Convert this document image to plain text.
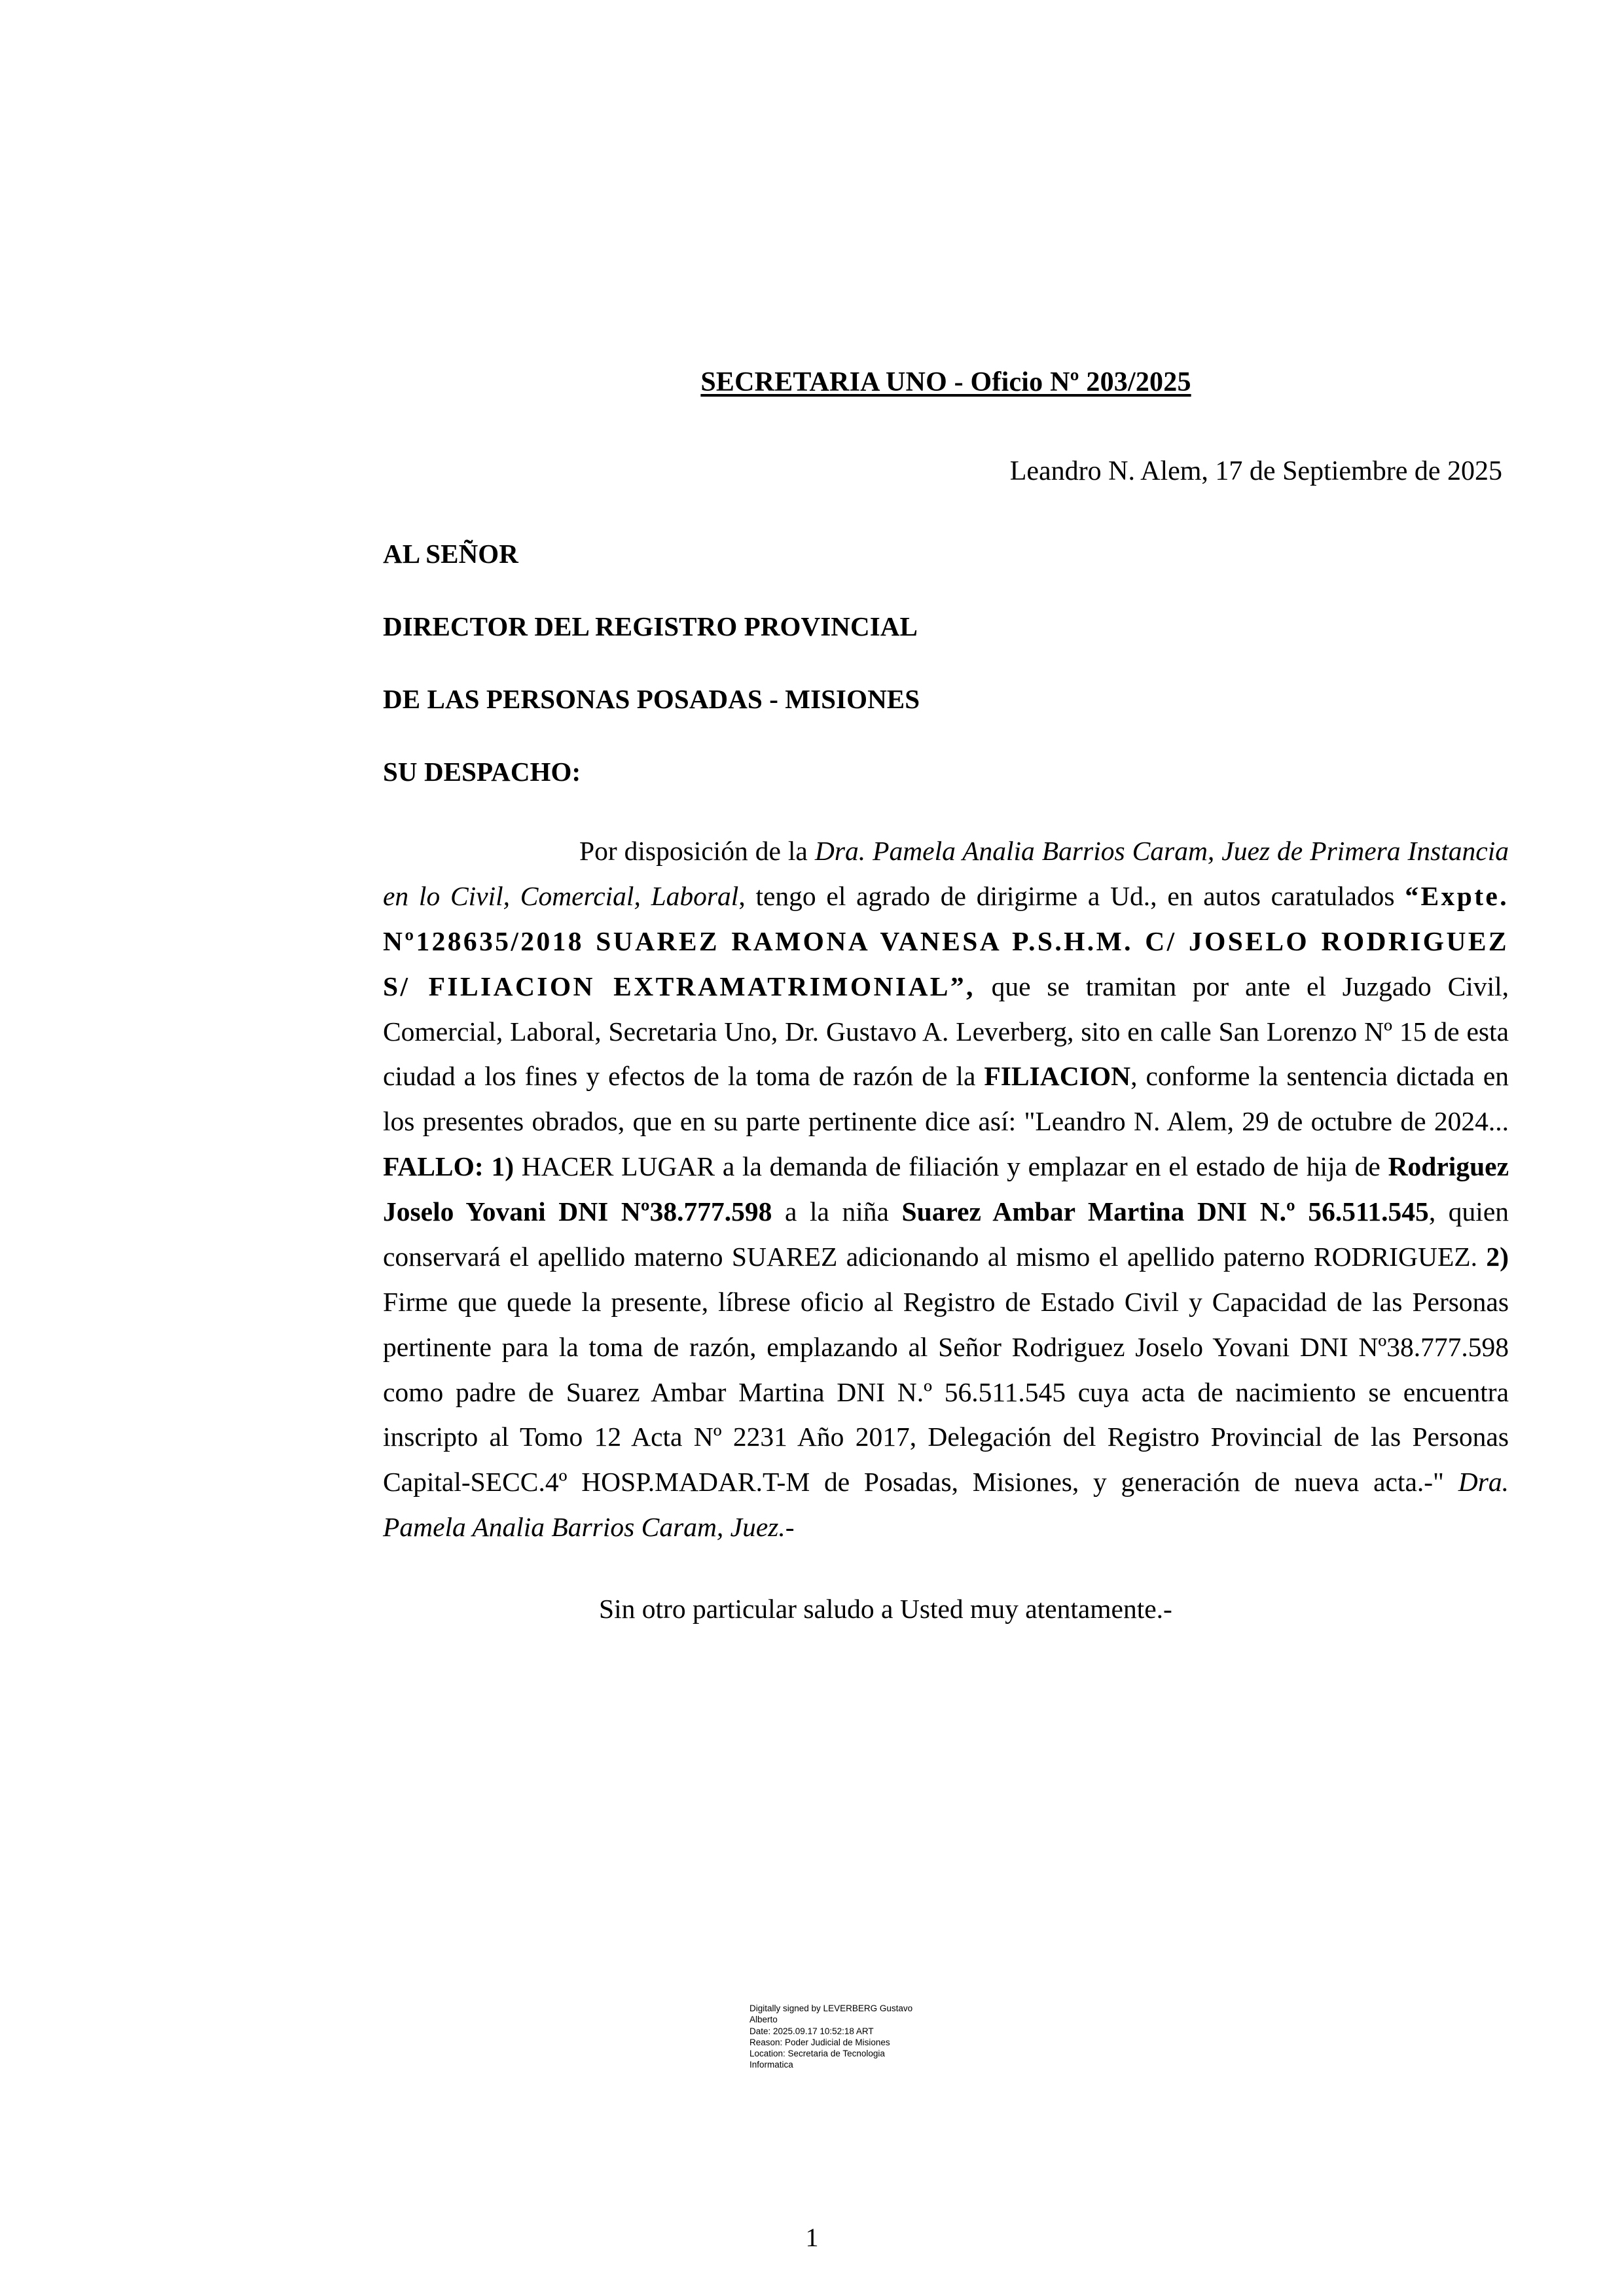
SECRETARIA UNO - Oficio Nº 203/2025
Leandro N. Alem, 17 de Septiembre de 2025
AL SEÑOR
DIRECTOR DEL REGISTRO PROVINCIAL
DE LAS PERSONAS POSADAS - MISIONES
SU DESPACHO:

Por disposición de la Dra. Pamela Analia Barrios Caram, Juez de Primera Instancia en lo Civil, Comercial, Laboral, tengo el agrado de dirigirme a Ud., en autos caratulados “Expte. Nº128635/2018 SUAREZ RAMONA VANESA P.S.H.M. C/ JOSELO RODRIGUEZ S/ FILIACION EXTRAMATRIMONIAL”, que se tramitan por ante el Juzgado Civil, Comercial, Laboral, Secretaria Uno, Dr. Gustavo A. Leverberg, sito en calle San Lorenzo Nº 15 de esta ciudad a los fines y efectos de la toma de razón de la FILIACION, conforme la sentencia dictada en los presentes obrados, que en su parte pertinente dice así: "Leandro N. Alem, 29 de octubre de 2024... FALLO: 1) HACER LUGAR a la demanda de filiación y emplazar en el estado de hija de Rodriguez Joselo Yovani DNI Nº38.777.598 a la niña Suarez Ambar Martina DNI N.º 56.511.545, quien conservará el apellido materno SUAREZ adicionando al mismo el apellido paterno RODRIGUEZ. 2) Firme que quede la presente, líbrese oficio al Registro de Estado Civil y Capacidad de las Personas pertinente para la toma de razón, emplazando al Señor Rodriguez Joselo Yovani DNI Nº38.777.598 como padre de Suarez Ambar Martina DNI N.º 56.511.545 cuya acta de nacimiento se encuentra inscripto al Tomo 12 Acta Nº 2231 Año 2017, Delegación del Registro Provincial de las Personas Capital-SECC.4º HOSP.MADAR.T-M de Posadas, Misiones, y generación de nueva acta.-" Dra. Pamela Analia Barrios Caram, Juez.-

Sin otro particular saludo a Usted muy atentamente.-
Digitally signed by LEVERBERG Gustavo
Alberto
Date: 2025.09.17 10:52:18 ART
Reason: Poder Judicial de Misiones
Location: Secretaria de Tecnologia
Informatica
1
